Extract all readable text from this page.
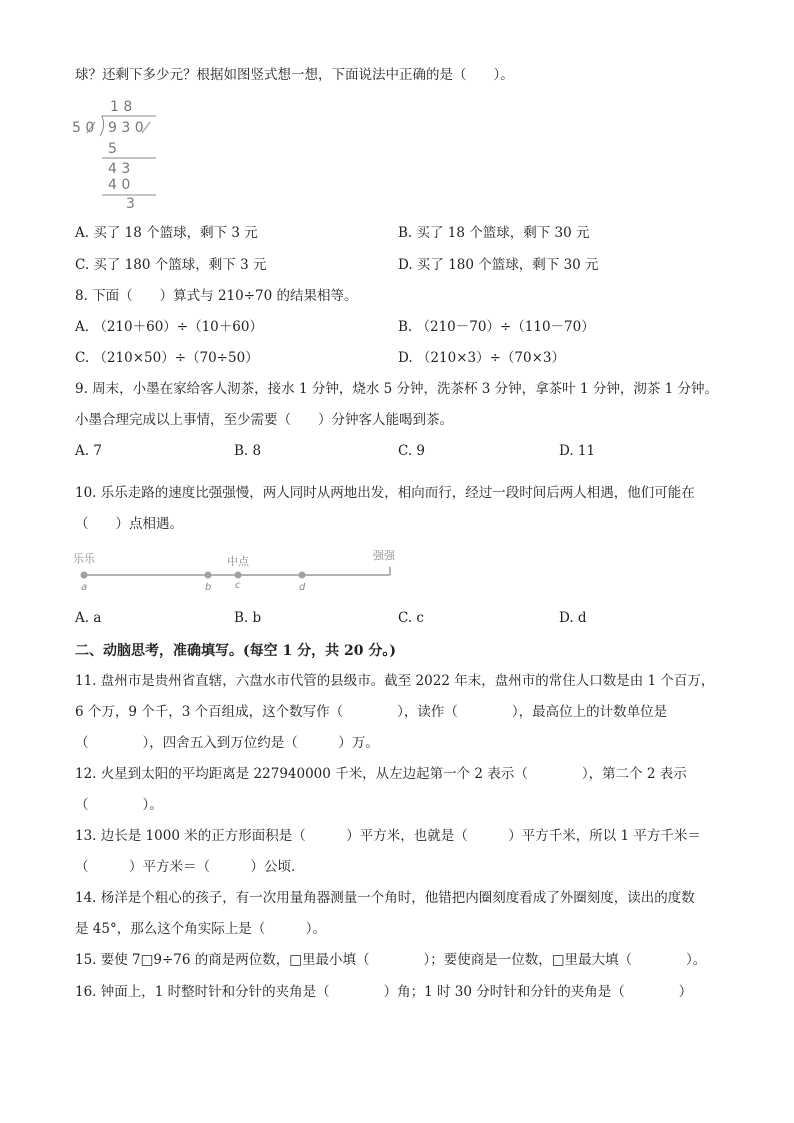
球？还剩下多少元？根据如图竖式想一想，下面说法中正确的是（　　）。
1 8
5 0 9 3 0
5
4 3
4 0
3
A. 买了 18 个篮球，剩下 3 元	B. 买了 18 个篮球，剩下 30 元
C. 买了 180 个篮球，剩下 3 元	D. 买了 180 个篮球，剩下 30 元
8. 下面（　　）算式与 210÷70 的结果相等。
A. （210＋60）÷（10＋60）	B. （210－70）÷（110－70）
C. （210×50）÷（70÷50）	D. （210×3）÷（70×3）
9. 周末，小墨在家给客人沏茶，接水 1 分钟，烧水 5 分钟，洗茶杯 3 分钟，拿茶叶 1 分钟，沏茶 1 分钟。
小墨合理完成以上事情，至少需要（　　）分钟客人能喝到茶。
A. 7	B. 8	C. 9	D. 11
10. 乐乐走路的速度比强强慢，两人同时从两地出发，相向而行，经过一段时间后两人相遇，他们可能在
（　　）点相遇。
乐乐	中点	强强
a	b c	d
A. a	B. b	C. c	D. d
二、动脑思考，准确填写。(每空 1 分，共 20 分。)
11. 盘州市是贵州省直辖，六盘水市代管的县级市。截至 2022 年末，盘州市的常住人口数是由 1 个百万，
6 个万，9 个千，3 个百组成，这个数写作（　　　　），读作（　　　　），最高位上的计数单位是
（　　　　），四舍五入到万位约是（　　　）万。
12. 火星到太阳的平均距离是 227940000 千米，从左边起第一个 2 表示（　　　　），第二个 2 表示
（　　　　）。
13. 边长是 1000 米的正方形面积是（　　　）平方米，也就是（　　　）平方千米，所以 1 平方千米＝
（　　　）平方米＝（　　　）公顷．
14. 杨洋是个粗心的孩子，有一次用量角器测量一个角时，他错把内圈刻度看成了外圈刻度，读出的度数
是 45°，那么这个角实际上是（　　　）。
15. 要使 7□9÷76 的商是两位数，□里最小填（　　　　）；要使商是一位数，□里最大填（　　　　）。
16. 钟面上，1 时整时针和分针的夹角是（　　　　）角；1 时 30 分时针和分针的夹角是（　　　　）
